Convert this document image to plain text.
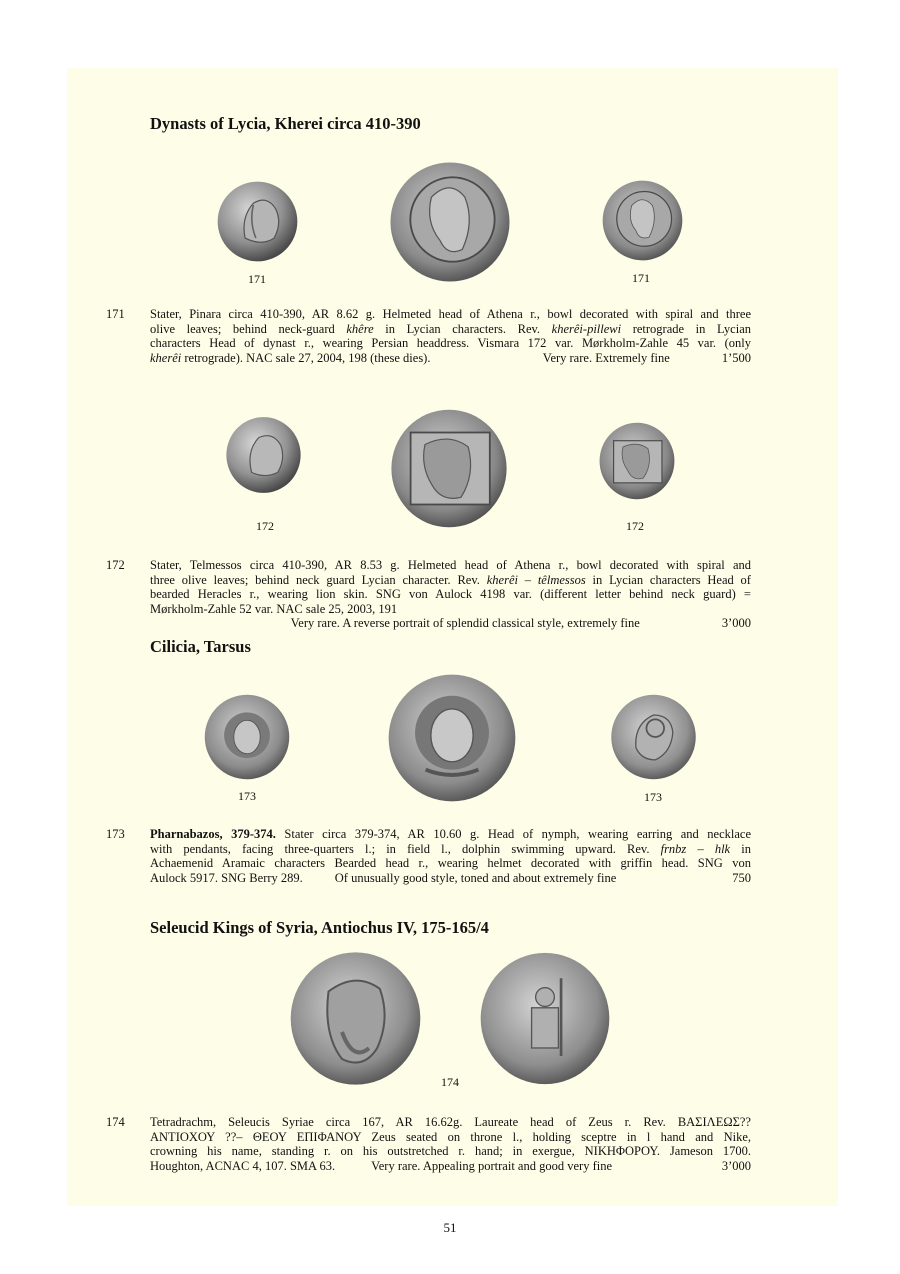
Dynasts of Lycia, Kherei circa 410-390
171	171
171 Stater, Pinara circa 410-390, AR 8.62 g. Helmeted head of Athena r., bowl decorated with spiral and three
olive leaves; behind neck-guard khêre in Lycian characters. Rev. kherêi-pillewi retrograde in Lycian
characters Head of dynast r., wearing Persian headdress. Vismara 172 var. Mørkholm-Zahle 45 var. (only
kherêi retrograde). NAC sale 27, 2004, 198 (these dies).	Very rare. Extremely fine	1’500
172	172
172 Stater, Telmessos circa 410-390, AR 8.53 g. Helmeted head of Athena r., bowl decorated with spiral and
three olive leaves; behind neck guard Lycian character. Rev. kherêi – têlmessos in Lycian characters Head of
bearded Heracles r., wearing lion skin. SNG von Aulock 4198 var. (different letter behind neck guard) =
Mørkholm-Zahle 52 var. NAC sale 25, 2003, 191
Very rare. A reverse portrait of splendid classical style, extremely fine	3’000
Cilicia, Tarsus
173	173
173 Pharnabazos, 379-374. Stater circa 379-374, AR 10.60 g. Head of nymph, wearing earring and necklace
with pendants, facing three-quarters l.; in field l., dolphin swimming upward. Rev. frnbz – hlk in
Achaemenid Aramaic characters Bearded head r., wearing helmet decorated with griffin head. SNG von
Aulock 5917. SNG Berry 289.	Of unusually good style, toned and about extremely fine	750
Seleucid Kings of Syria, Antiochus IV, 175-165/4
174
174 Tetradrachm, Seleucis Syriae circa 167, AR 16.62g. Laureate head of Zeus r. Rev. ΒΑΣΙΛΕΩΣ??
ΑΝΤΙΟΧΟΥ ??– ΘΕΟΥ ΕΠΙΦΑΝΟΥ Zeus seated on throne l., holding sceptre in l hand and Nike,
crowning his name, standing r. on his outstretched r. hand; in exergue, ΝΙΚΗΦΟΡΟΥ. Jameson 1700.
Houghton, ACNAC 4, 107. SMA 63.	Very rare. Appealing portrait and good very fine	3’000
51
